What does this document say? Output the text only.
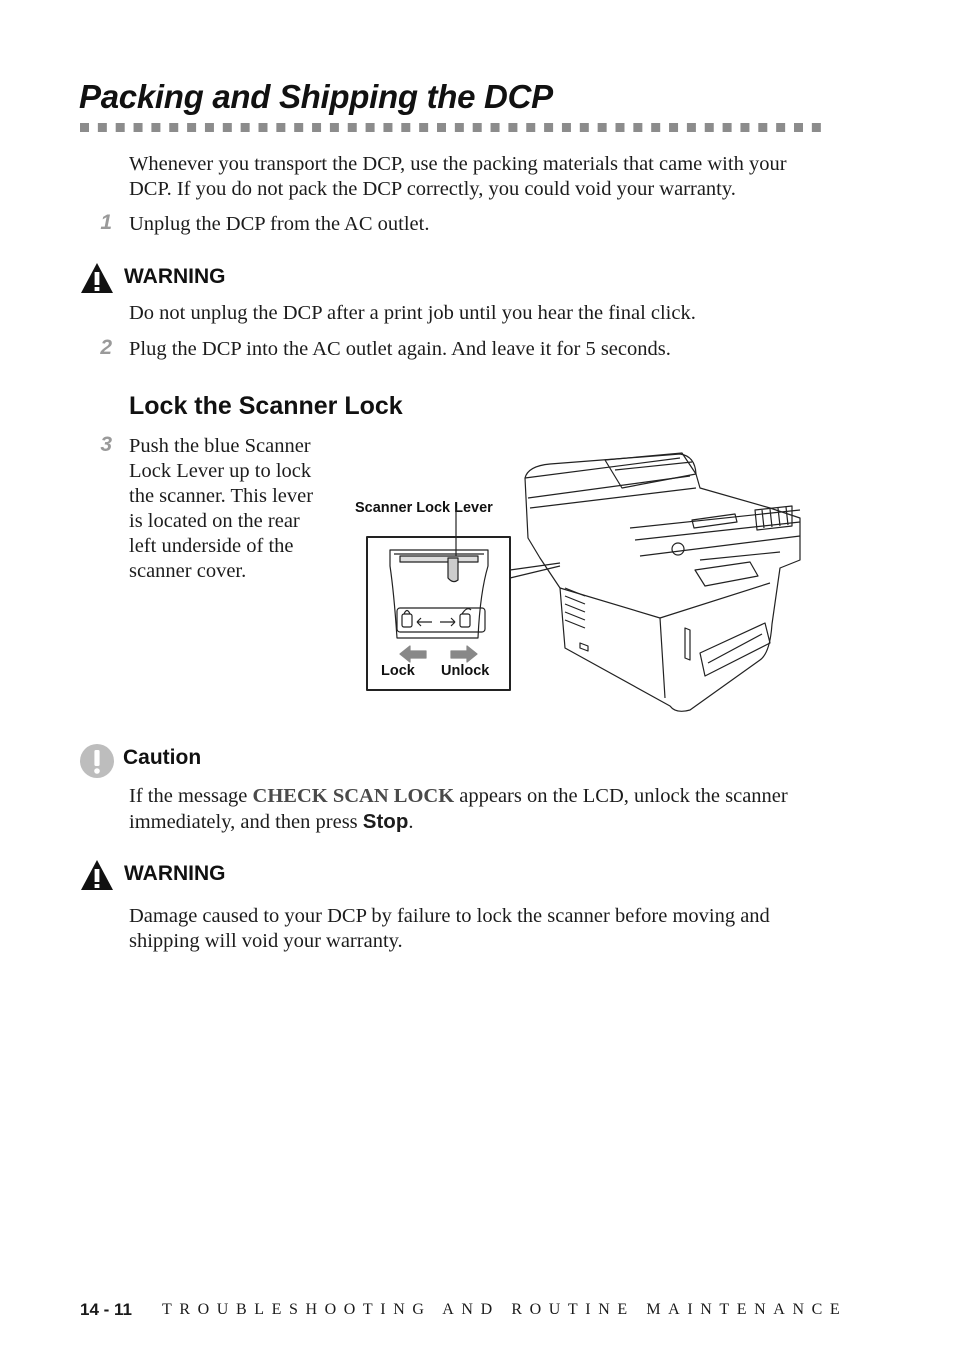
Packing and Shipping the DCP
Whenever you transport the DCP, use the packing materials that came with your DCP. If you do not pack the DCP correctly, you could void your warranty.
1 Unplug the DCP from the AC outlet.
WARNING
Do not unplug the DCP after a print job until you hear the final click.
2 Plug the DCP into the AC outlet again. And leave it for 5 seconds.
Lock the Scanner Lock
3 Push the blue Scanner Lock Lever up to lock the scanner. This lever is located on the rear left underside of the scanner cover.
Scanner Lock Lever
Lock Unlock
Caution
If the message CHECK SCAN LOCK appears on the LCD, unlock the scanner immediately, and then press Stop.
WARNING
Damage caused to your DCP by failure to lock the scanner before moving and shipping will void your warranty.
14 - 11 TROUBLESHOOTING AND ROUTINE MAINTENANCE
